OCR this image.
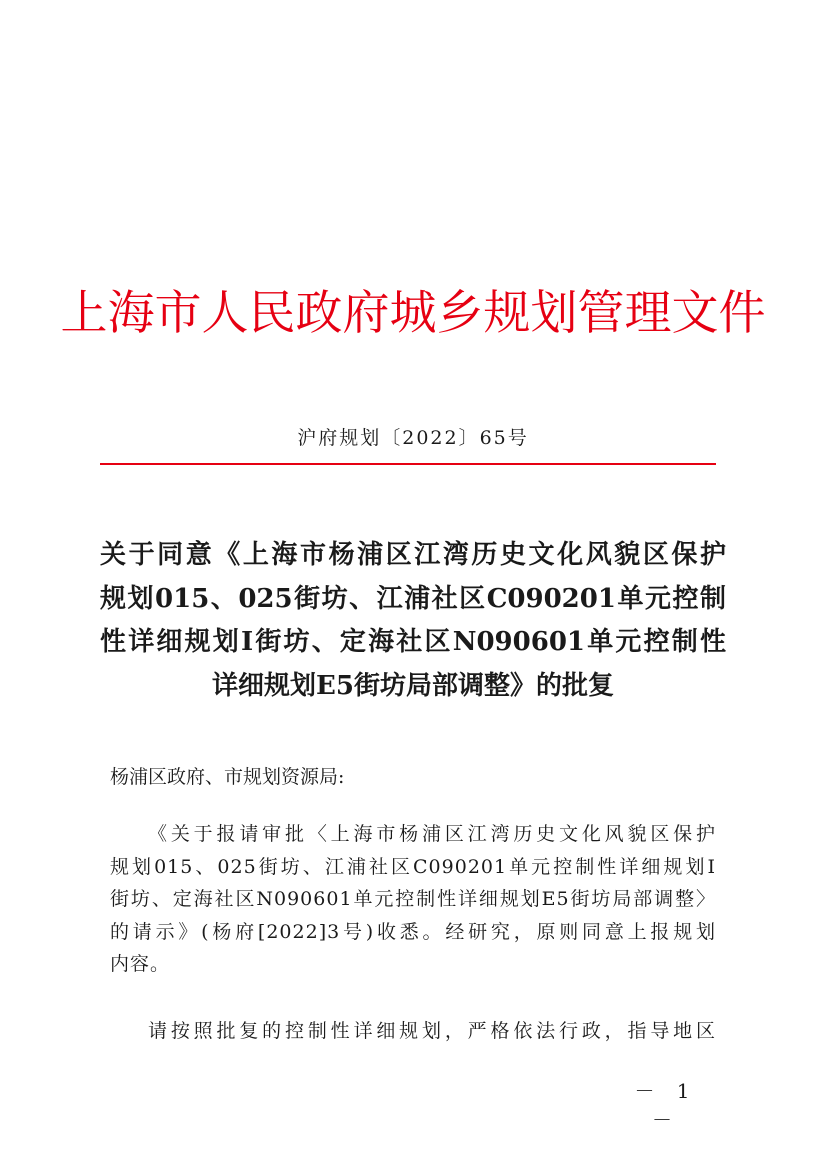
上海市人民政府城乡规划管理文件
沪府规划〔2022〕65号
关于同意《上海市杨浦区江湾历史文化风貌区保护
规划015、025街坊、江浦社区C090201单元控制
性详细规划I街坊、定海社区N090601单元控制性
详细规划E5街坊局部调整》的批复
杨浦区政府、市规划资源局:
《关于报请审批〈上海市杨浦区江湾历史文化风貌区保护
规划015、025街坊、江浦社区C090201单元控制性详细规划I
街坊、定海社区N090601单元控制性详细规划E5街坊局部调整〉
的请示》(杨府[2022]3号)收悉。经研究，原则同意上报规划
内容。
请按照批复的控制性详细规划，严格依法行政，指导地区
－ 1 －
